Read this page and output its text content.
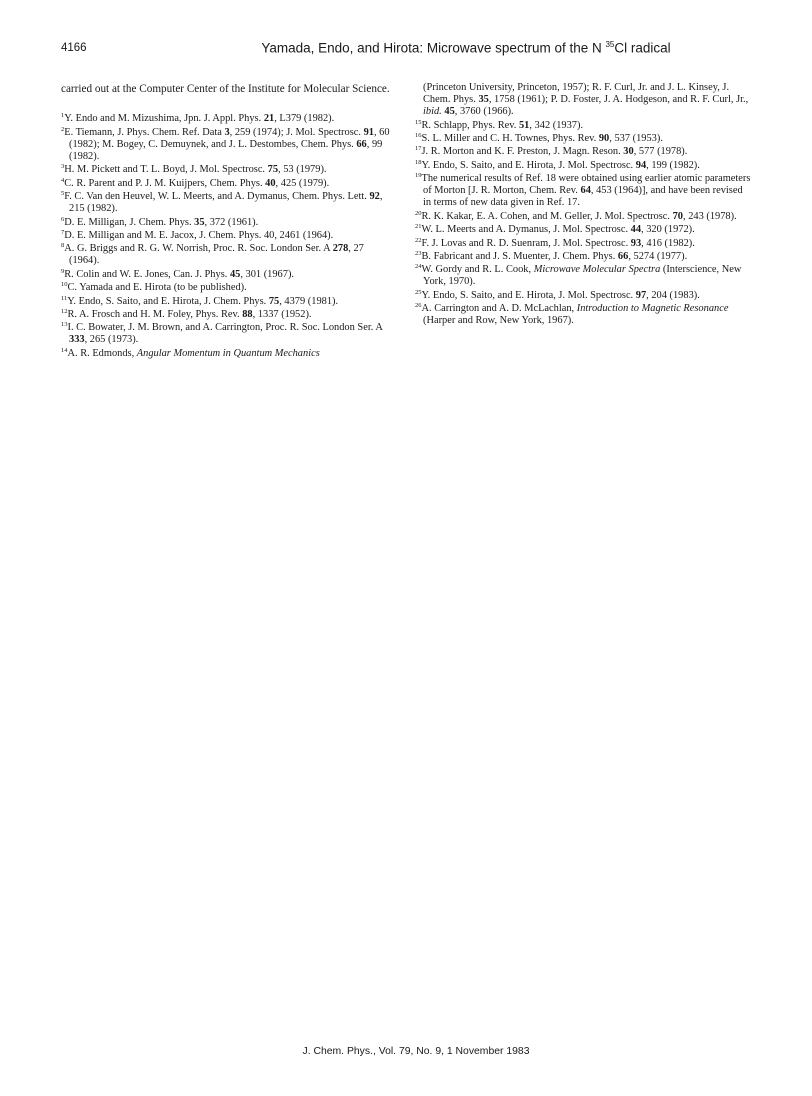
4166	Yamada, Endo, and Hirota: Microwave spectrum of the N $^{35}$Cl radical

carried out at the Computer Center of the Institute for Molecular Science.

$^1$Y. Endo and M. Mizushima, Jpn. J. Appl. Phys. 21, L379 (1982).
$^2$E. Tiemann, J. Phys. Chem. Ref. Data 3, 259 (1974); J. Mol. Spectrosc. 91, 60 (1982); M. Bogey, C. Demuynek, and J. L. Destombes, Chem. Phys. 66, 99 (1982).
$^3$H. M. Pickett and T. L. Boyd, J. Mol. Spectrosc. 75, 53 (1979).
$^4$C. R. Parent and P. J. M. Kuijpers, Chem. Phys. 40, 425 (1979).
$^5$F. C. Van den Heuvel, W. L. Meerts, and A. Dymanus, Chem. Phys. Lett. 92, 215 (1982).
$^6$D. E. Milligan, J. Chem. Phys. 35, 372 (1961).
$^7$D. E. Milligan and M. E. Jacox, J. Chem. Phys. 40, 2461 (1964).
$^8$A. G. Briggs and R. G. W. Norrish, Proc. R. Soc. London Ser. A 278, 27 (1964).
$^9$R. Colin and W. E. Jones, Can. J. Phys. 45, 301 (1967).
$^{10}$C. Yamada and E. Hirota (to be published).
$^{11}$Y. Endo, S. Saito, and E. Hirota, J. Chem. Phys. 75, 4379 (1981).
$^{12}$R. A. Frosch and H. M. Foley, Phys. Rev. 88, 1337 (1952).
$^{13}$I. C. Bowater, J. M. Brown, and A. Carrington, Proc. R. Soc. London Ser. A 333, 265 (1973).
$^{14}$A. R. Edmonds, Angular Momentum in Quantum Mechanics
(Princeton University, Princeton, 1957); R. F. Curl, Jr. and J. L. Kinsey, J. Chem. Phys. 35, 1758 (1961); P. D. Foster, J. A. Hodgeson, and R. F. Curl, Jr., ibid. 45, 3760 (1966).
$^{15}$R. Schlapp, Phys. Rev. 51, 342 (1937).
$^{16}$S. L. Miller and C. H. Townes, Phys. Rev. 90, 537 (1953).
$^{17}$J. R. Morton and K. F. Preston, J. Magn. Reson. 30, 577 (1978).
$^{18}$Y. Endo, S. Saito, and E. Hirota, J. Mol. Spectrosc. 94, 199 (1982).
$^{19}$The numerical results of Ref. 18 were obtained using earlier atomic parameters of Morton [J. R. Morton, Chem. Rev. 64, 453 (1964)], and have been revised in terms of new data given in Ref. 17.
$^{20}$R. K. Kakar, E. A. Cohen, and M. Geller, J. Mol. Spectrosc. 70, 243 (1978).
$^{21}$W. L. Meerts and A. Dymanus, J. Mol. Spectrosc. 44, 320 (1972).
$^{22}$F. J. Lovas and R. D. Suenram, J. Mol. Spectrosc. 93, 416 (1982).
$^{23}$B. Fabricant and J. S. Muenter, J. Chem. Phys. 66, 5274 (1977).
$^{24}$W. Gordy and R. L. Cook, Microwave Molecular Spectra (Interscience, New York, 1970).
$^{25}$Y. Endo, S. Saito, and E. Hirota, J. Mol. Spectrosc. 97, 204 (1983).
$^{26}$A. Carrington and A. D. McLachlan, Introduction to Magnetic Resonance (Harper and Row, New York, 1967).
J. Chem. Phys., Vol. 79, No. 9, 1 November 1983
